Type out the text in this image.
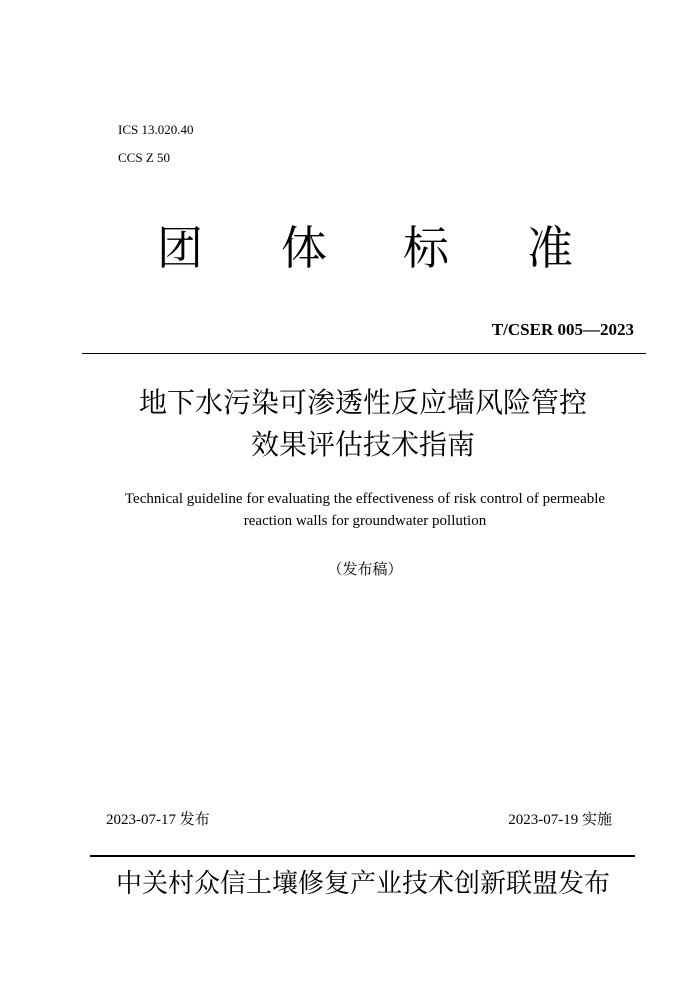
ICS 13.020.40
CCS Z 50
团 体 标 准
T/CSER 005—2023
地下水污染可渗透性反应墙风险管控
效果评估技术指南
Technical guideline for evaluating the effectiveness of risk control of permeable
reaction walls for groundwater pollution
（发布稿）
2023-07-17 发布	2023-07-19 实施
中关村众信土壤修复产业技术创新联盟发布
